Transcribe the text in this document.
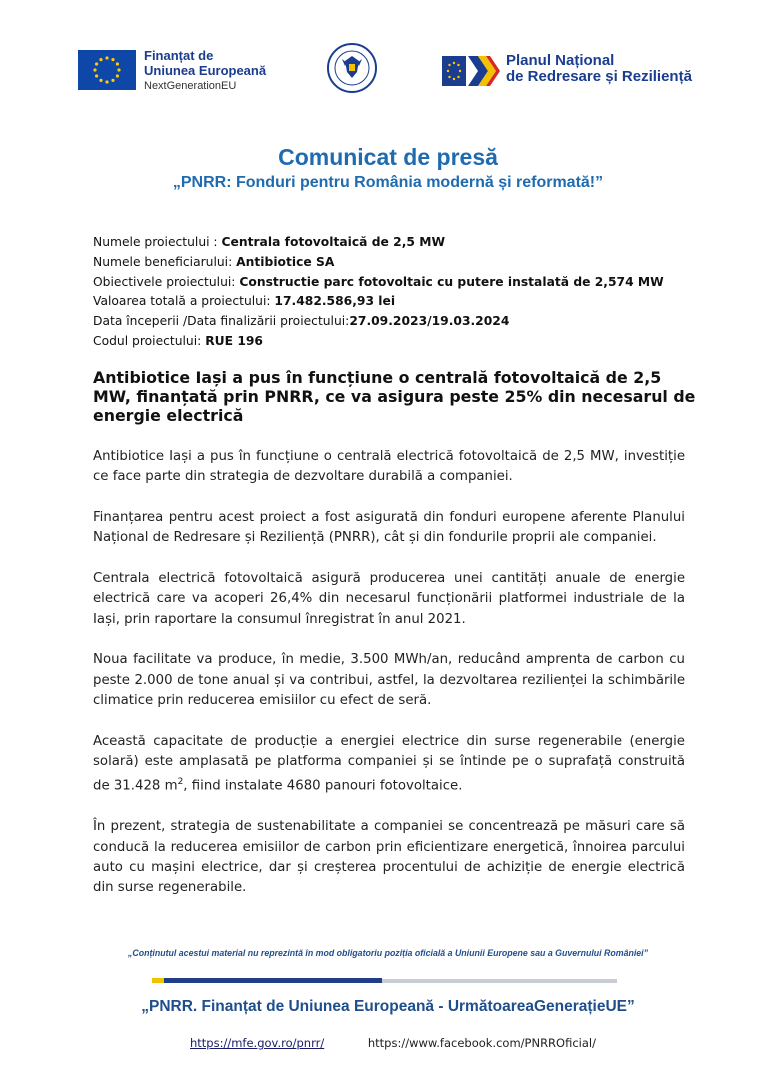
Finanțat de
Uniunea Europeană
NextGenerationEU
Planul Național
de Redresare și Reziliență
Comunicat de presă
„PNRR: Fonduri pentru România modernă și reformată!”
Numele proiectului : Centrala fotovoltaică de 2,5 MW
Numele beneficiarului: Antibiotice SA
Obiectivele proiectului: Constructie parc fotovoltaic cu putere instalată de 2,574 MW
Valoarea totală a proiectului: 17.482.586,93 lei
Data începerii /Data finalizării proiectului:27.09.2023/19.03.2024
Codul proiectului: RUE 196
Antibiotice Iași a pus în funcțiune o centrală fotovoltaică de 2,5 MW, finanțată prin PNRR, ce va asigura peste 25% din necesarul de energie electrică

Antibiotice Iași a pus în funcțiune o centrală electrică fotovoltaică de 2,5 MW, investiție ce face parte din strategia de dezvoltare durabilă a companiei.

Finanțarea pentru acest proiect a fost asigurată din fonduri europene aferente Planului Național de Redresare și Reziliență (PNRR), cât și din fondurile proprii ale companiei.

Centrala electrică fotovoltaică asigură producerea unei cantități anuale de energie electrică care va acoperi 26,4% din necesarul funcționării platformei industriale de la Iași, prin raportare la consumul înregistrat în anul 2021.

Noua facilitate va produce, în medie, 3.500 MWh/an, reducând amprenta de carbon cu peste 2.000 de tone anual și va contribui, astfel, la dezvoltarea rezilienței la schimbările climatice prin reducerea emisiilor cu efect de seră.

Această capacitate de producție a energiei electrice din surse regenerabile (energie solară) este amplasată pe platforma companiei și se întinde pe o suprafață construită de 31.428 $m^2$, fiind instalate 4680 panouri fotovoltaice.

În prezent, strategia de sustenabilitate a companiei se concentrează pe măsuri care să conducă la reducerea emisiilor de carbon prin eficientizare energetică, înnoirea parcului auto cu mașini electrice, dar și creșterea procentului de achiziție de energie electrică din surse regenerabile.

„Conținutul acestui material nu reprezintă în mod obligatoriu poziția oficială a Uniunii Europene sau a Guvernului României”
„PNRR. Finanțat de Uniunea Europeană - UrmătoareaGenerațieUE”
https://mfe.gov.ro/pnrr/	https://www.facebook.com/PNRROficial/
